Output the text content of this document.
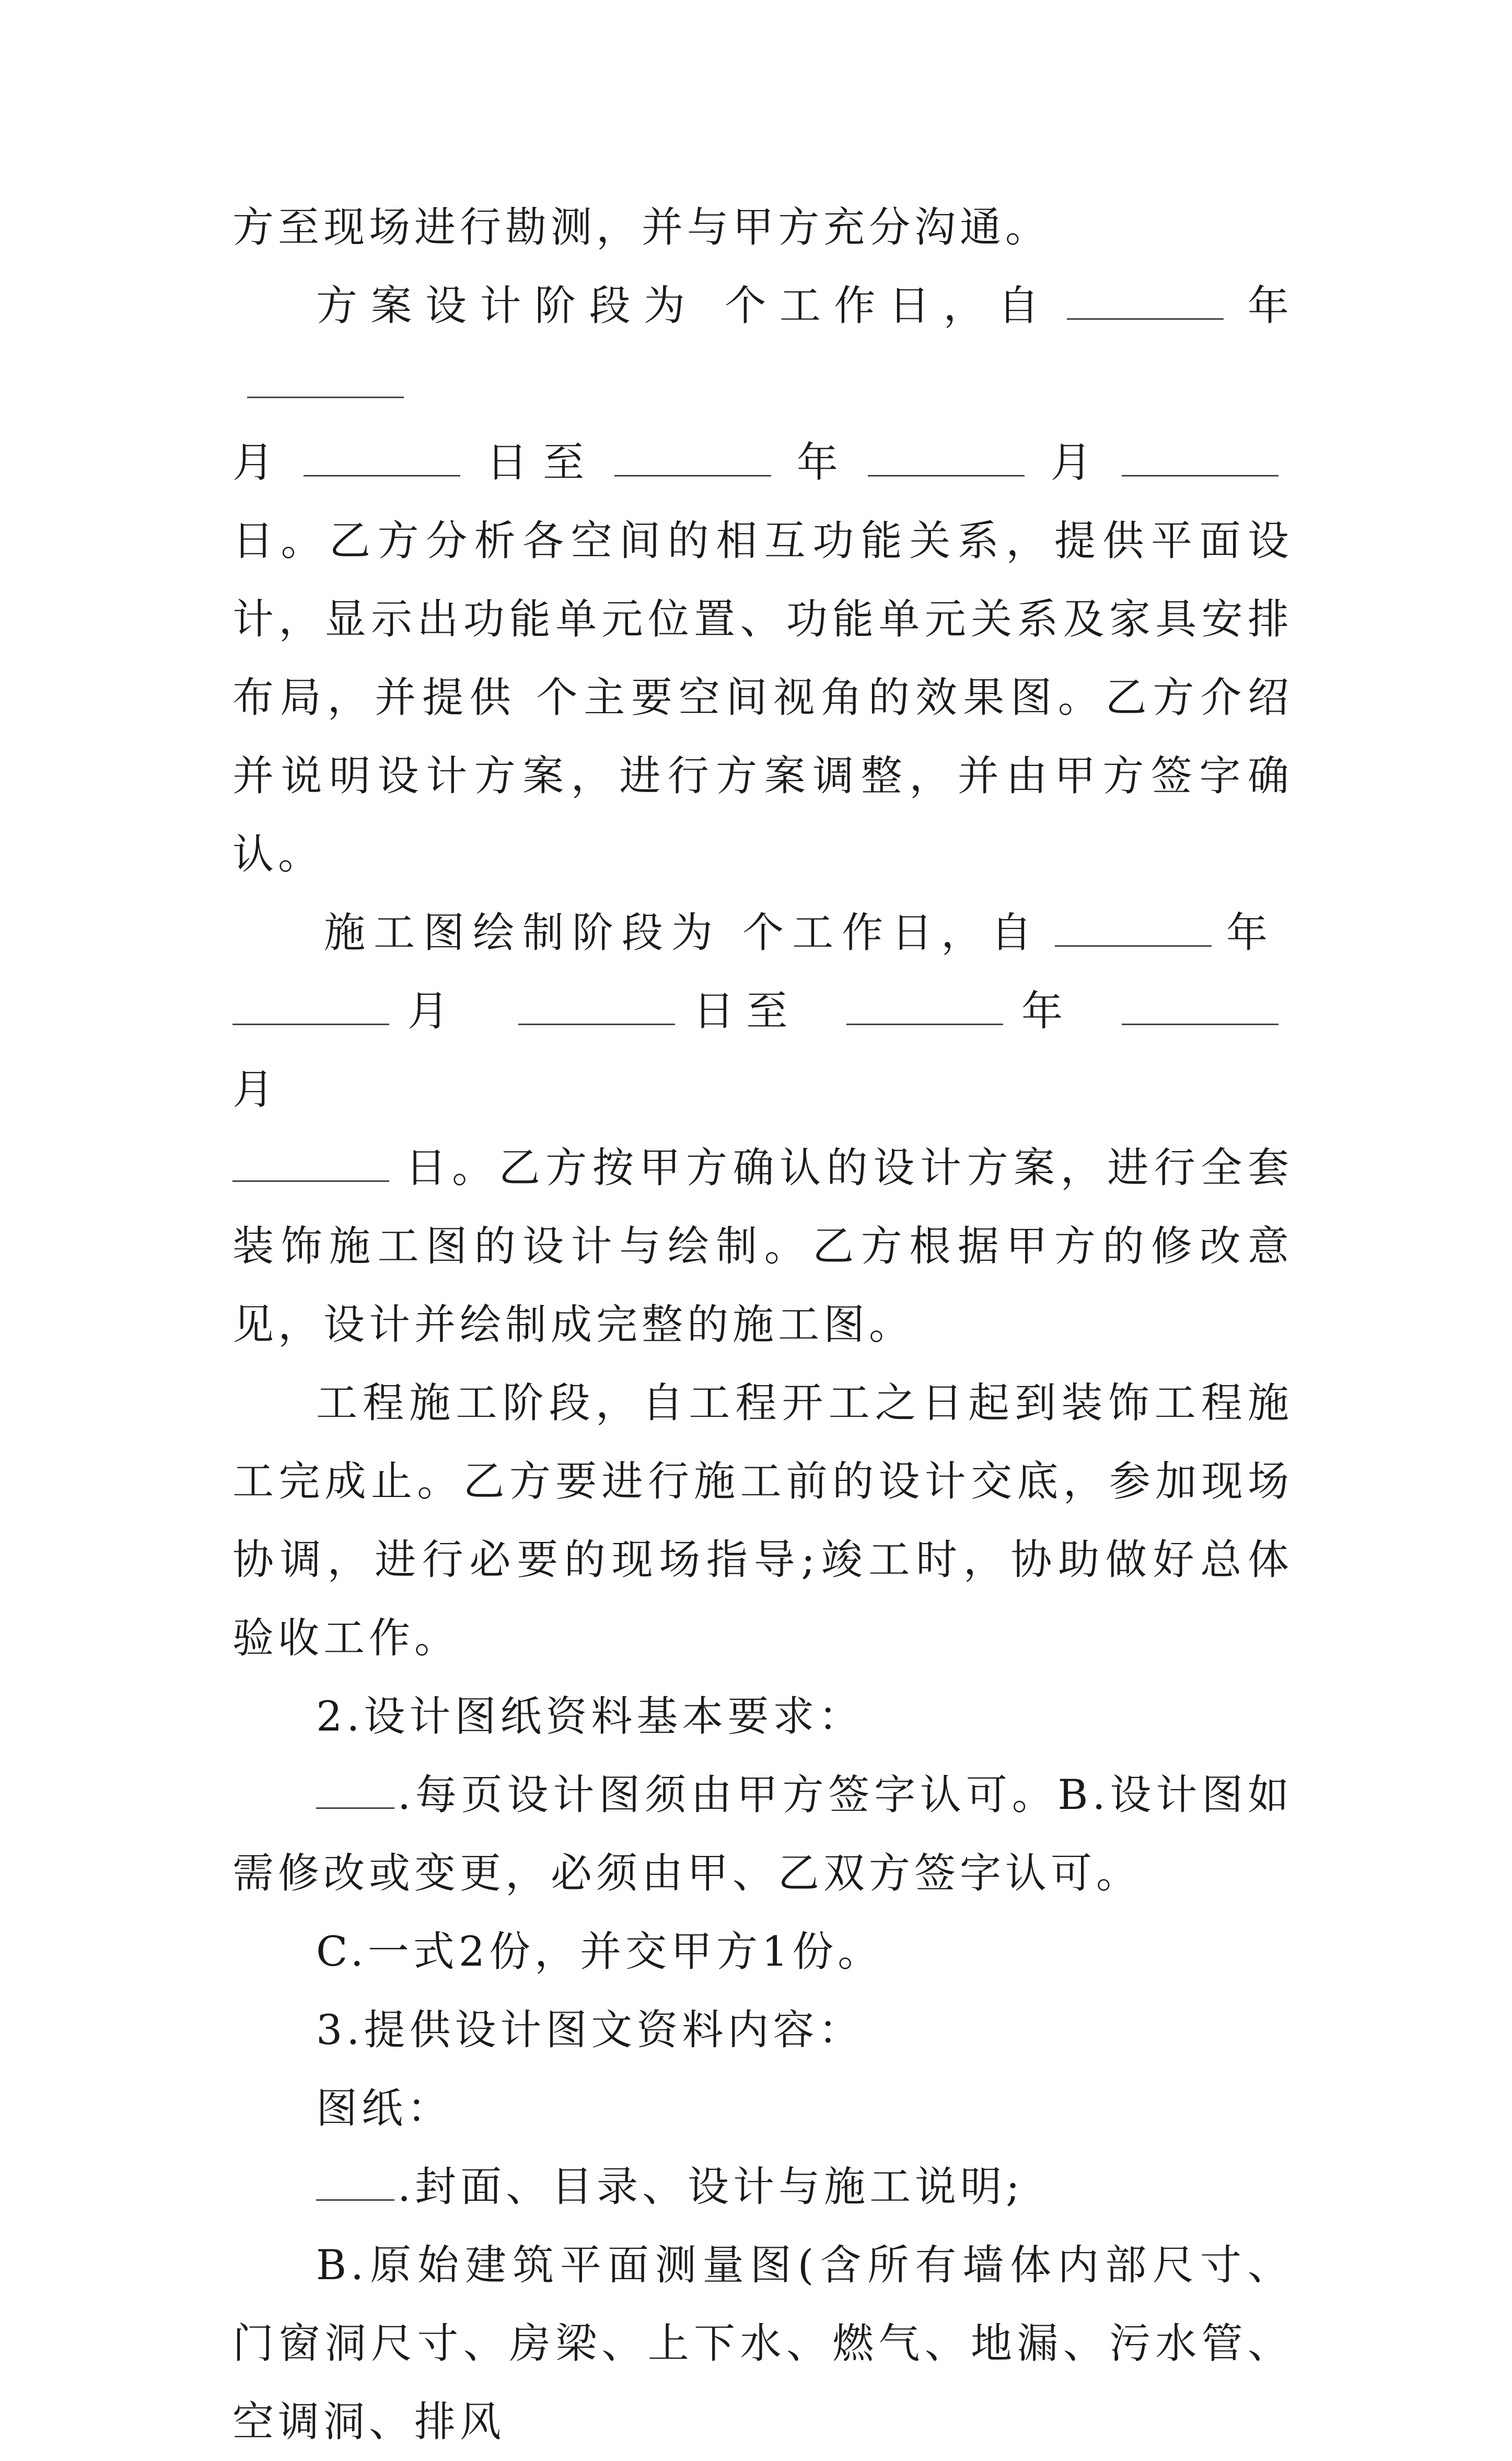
方至现场进行勘测，并与甲方充分沟通。

方案设计阶段为 个工作日，自	年
月	日至	年	月日。乙方分析各空间的相互功能关系，提供平面设计，显示出功能单元位置、功能单元关系及家具安排布局，并提供 个主要空间视角的效果图。乙方介绍并说明设计方案，进行方案调整，并由甲方签字确认。

施工图绘制阶段为 个工作日，自	年
月	日至	年月
日。乙方按甲方确认的设计方案，进行全套装饰施工图的设计与绘制。乙方根据甲方的修改意见，设计并绘制成完整的施工图。

工程施工阶段，自工程开工之日起到装饰工程施工完成止。乙方要进行施工前的设计交底，参加现场协调，进行必要的现场指导;竣工时，协助做好总体验收工作。

2.设计图纸资料基本要求：

.每页设计图须由甲方签字认可。B.设计图如需修改或变更，必须由甲、乙双方签字认可。

C.一式2份，并交甲方1份。

3.提供设计图文资料内容：

图纸：

.封面、目录、设计与施工说明;

B.原始建筑平面测量图(含所有墙体内部尺寸、门窗洞尺寸、房梁、上下水、燃气、地漏、污水管、空调洞、排风
